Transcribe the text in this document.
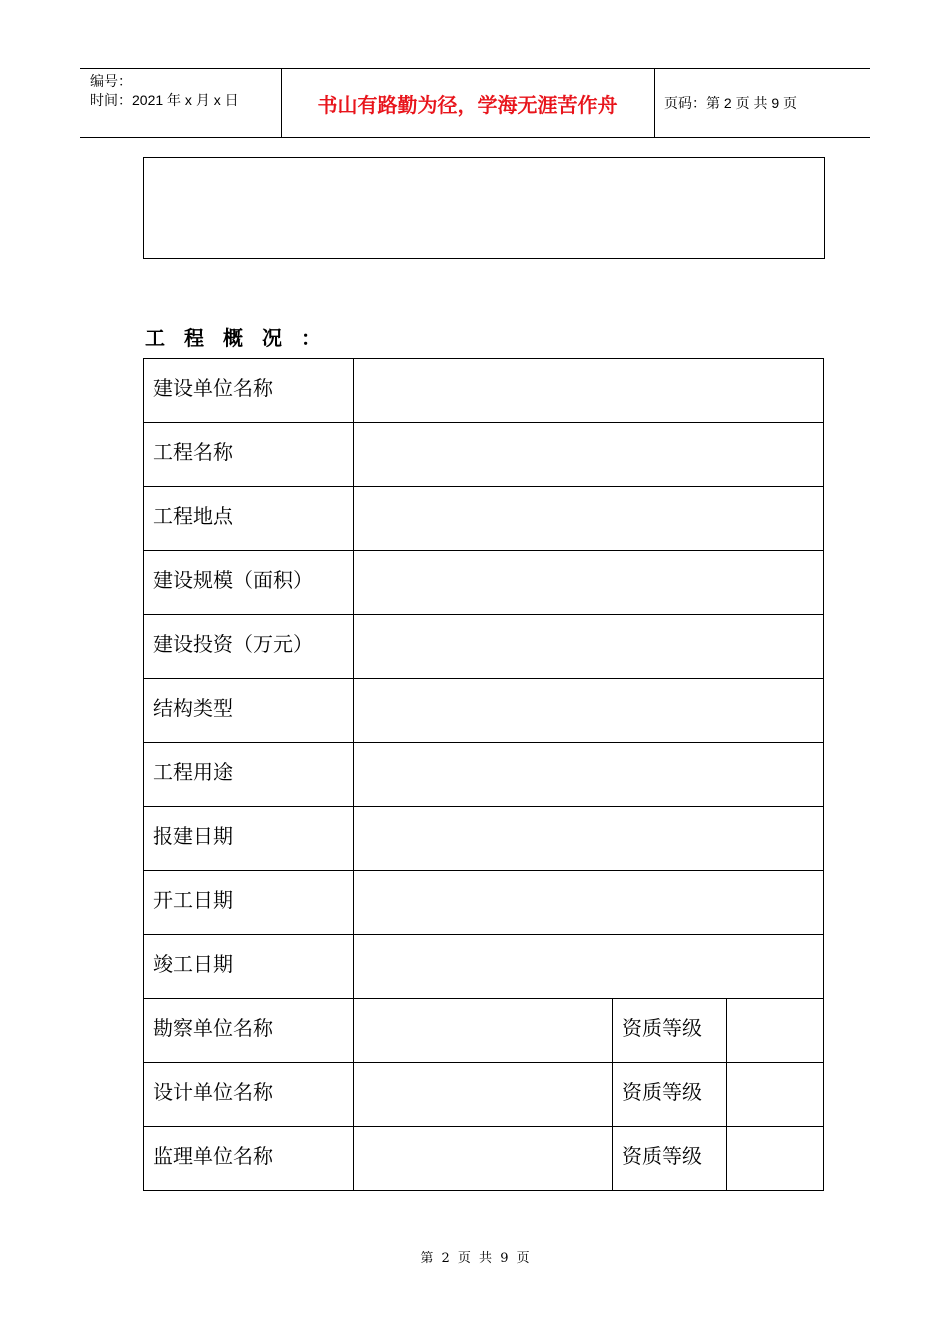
编号：
时间：2021 年 x 月 x 日	书山有路勤为径，学海无涯苦作舟	页码：第 2 页 共 9 页
工程概况：
建设单位名称			
工程名称			
工程地点			
建设规模（面积）			
建设投资（万元）			
结构类型			
工程用途			
报建日期			
开工日期			
竣工日期			
勘察单位名称		资质等级	
设计单位名称		资质等级	
监理单位名称		资质等级	
第 2 页 共 9 页
